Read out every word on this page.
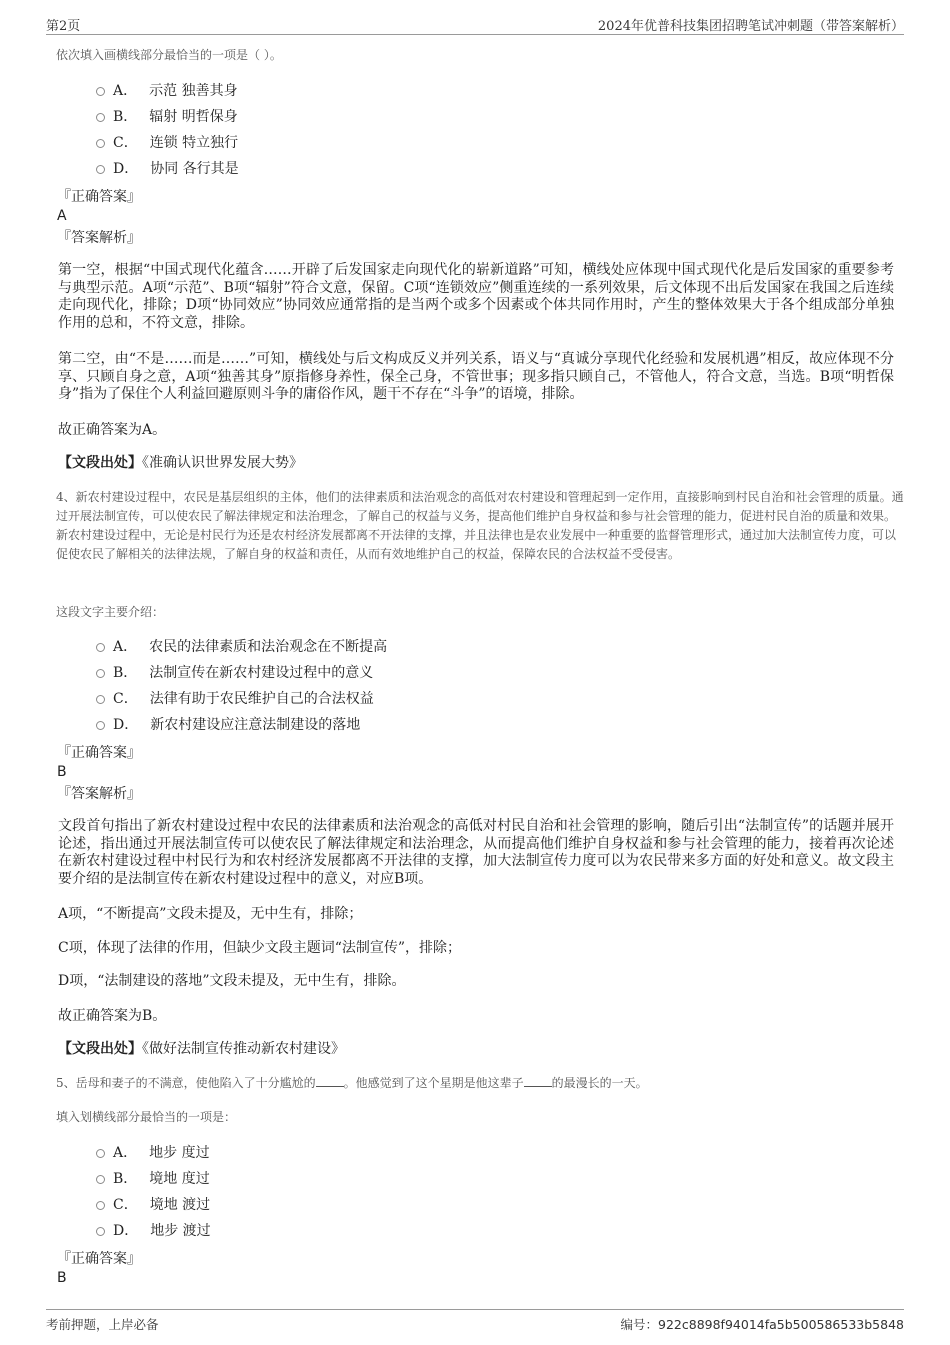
第2页	2024年优普科技集团招聘笔试冲刺题（带答案解析）
依次填入画横线部分最恰当的一项是（ ）。
A． 示范 独善其身
B． 辐射 明哲保身
C． 连锁 特立独行
D． 协同 各行其是
『正确答案』
A
『答案解析』
第一空，根据“中国式现代化蕴含……开辟了后发国家走向现代化的崭新道路”可知，横线处应体现中国式现代化是后发国家的重要参考与典型示范。A项“示范”、B项“辐射”符合文意，保留。C项“连锁效应”侧重连续的一系列效果，后文体现不出后发国家在我国之后连续走向现代化，排除；D项“协同效应”协同效应通常指的是当两个或多个因素或个体共同作用时，产生的整体效果大于各个组成部分单独作用的总和，不符文意，排除。
第二空，由“不是……而是……”可知，横线处与后文构成反义并列关系，语义与“真诚分享现代化经验和发展机遇”相反，故应体现不分享、只顾自身之意，A项“独善其身”原指修身养性，保全己身，不管世事；现多指只顾自己，不管他人，符合文意，当选。B项“明哲保身”指为了保住个人利益回避原则斗争的庸俗作风，题干不存在“斗争”的语境，排除。
故正确答案为A。
【文段出处】《准确认识世界发展大势》
4、新农村建设过程中，农民是基层组织的主体，他们的法律素质和法治观念的高低对农村建设和管理起到一定作用，直接影响到村民自治和社会管理的质量。通过开展法制宣传，可以使农民了解法律规定和法治理念，了解自己的权益与义务，提高他们维护自身权益和参与社会管理的能力，促进村民自治的质量和效果。新农村建设过程中，无论是村民行为还是农村经济发展都离不开法律的支撑，并且法律也是农业发展中一种重要的监督管理形式，通过加大法制宣传力度，可以促使农民了解相关的法律法规，了解自身的权益和责任，从而有效地维护自己的权益，保障农民的合法权益不受侵害。
这段文字主要介绍：
A． 农民的法律素质和法治观念在不断提高
B． 法制宣传在新农村建设过程中的意义
C． 法律有助于农民维护自己的合法权益
D． 新农村建设应注意法制建设的落地
『正确答案』
B
『答案解析』
文段首句指出了新农村建设过程中农民的法律素质和法治观念的高低对村民自治和社会管理的影响，随后引出“法制宣传”的话题并展开论述，指出通过开展法制宣传可以使农民了解法律规定和法治理念，从而提高他们维护自身权益和参与社会管理的能力，接着再次论述在新农村建设过程中村民行为和农村经济发展都离不开法律的支撑，加大法制宣传力度可以为农民带来多方面的好处和意义。故文段主要介绍的是法制宣传在新农村建设过程中的意义，对应B项。
A项，“不断提高”文段未提及，无中生有，排除；
C项，体现了法律的作用，但缺少文段主题词“法制宣传”，排除；
D项，“法制建设的落地”文段未提及，无中生有，排除。
故正确答案为B。
【文段出处】《做好法制宣传推动新农村建设》
5、岳母和妻子的不满意，使他陷入了十分尴尬的 。他感觉到了这个星期是他这辈子 的最漫长的一天。
填入划横线部分最恰当的一项是：
A． 地步 度过
B． 境地 度过
C． 境地 渡过
D． 地步 渡过
『正确答案』
B
考前押题，上岸必备	编号：922c8898f94014fa5b500586533b5848
